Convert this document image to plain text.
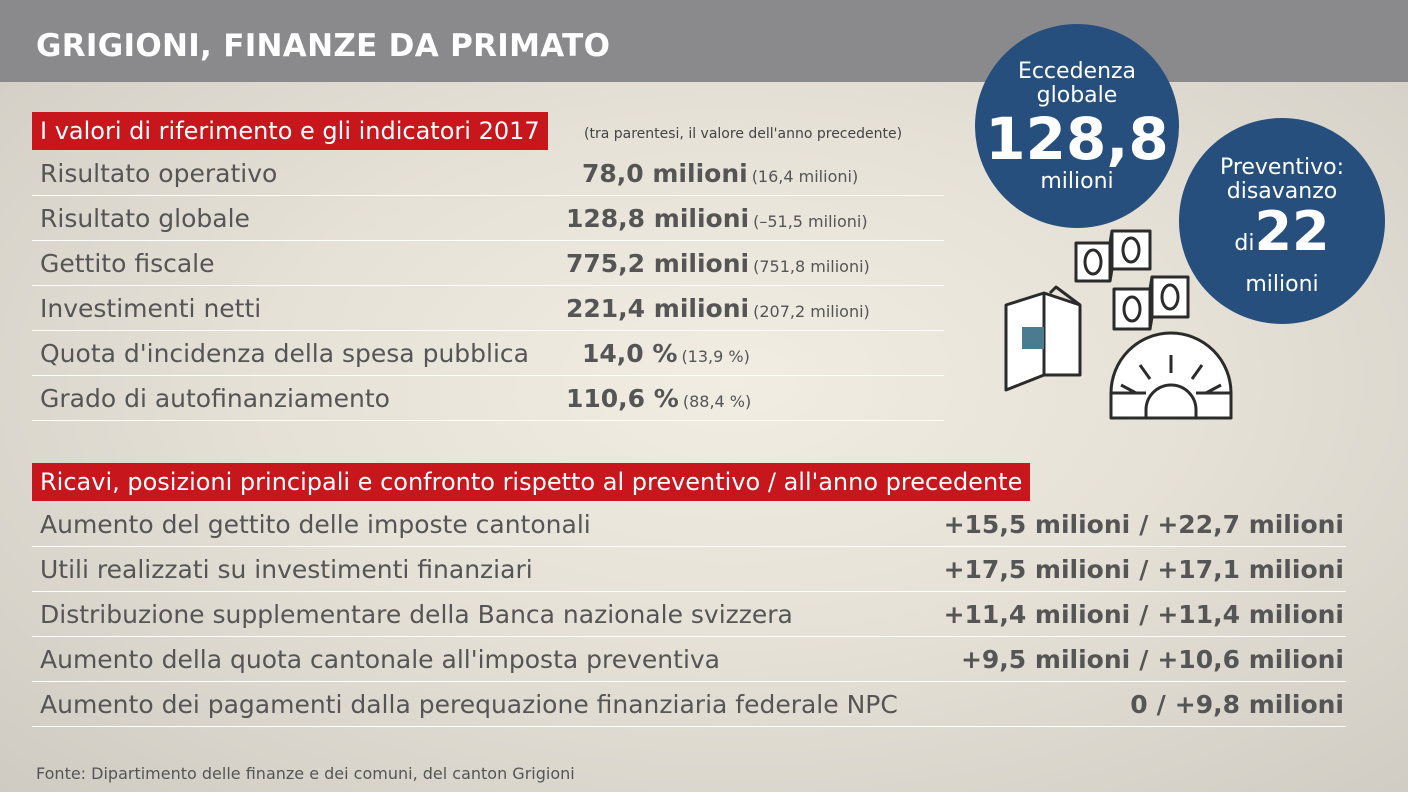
GRIGIONI, FINANZE DA PRIMATO
I valori di riferimento e gli indicatori 2017	(tra parentesi, il valore dell'anno precedente)
Risultato operativo	78,0 milioni (16,4 milioni)
Risultato globale	128,8 milioni (–51,5 milioni)
Gettito fiscale	775,2 milioni (751,8 milioni)
Investimenti netti	221,4 milioni (207,2 milioni)
Quota d'incidenza della spesa pubblica 14,0 % (13,9 %)
Grado di autofinanziamento	110,6 % (88,4 %)
Ricavi, posizioni principali e confronto rispetto al preventivo / all'anno precedente
Aumento del gettito delle imposte cantonali	+15,5 milioni / +22,7 milioni
Utili realizzati su investimenti finanziari	+17,5 milioni / +17,1 milioni
Distribuzione supplementare della Banca nazionale svizzera	+11,4 milioni / +11,4 milioni
Aumento della quota cantonale all'imposta preventiva	+9,5 milioni / +10,6 milioni
Aumento dei pagamenti dalla perequazione finanziaria federale NPC	0 / +9,8 milioni
Eccedenza
globale
128,8
milioni
Preventivo:
disavanzo
di22
milioni
Fonte: Dipartimento delle finanze e dei comuni, del canton Grigioni
